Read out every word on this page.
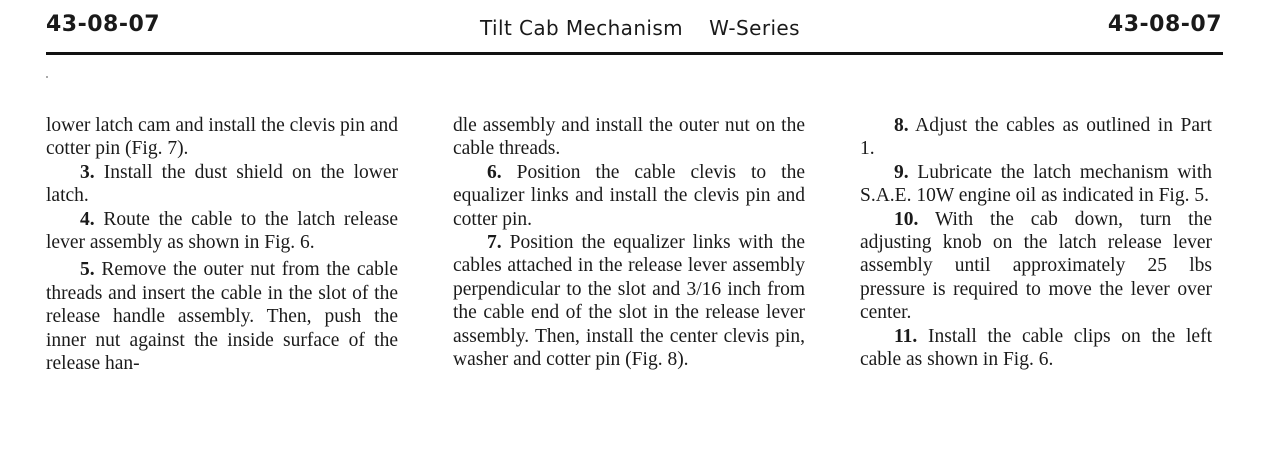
43-08-07	Tilt Cab Mechanism W-Series	43-08-07

lower latch cam and install the clevis pin and cotter pin (Fig. 7).

3. Install the dust shield on the lower latch.

4. Route the cable to the latch release lever assembly as shown in Fig. 6.

5. Remove the outer nut from the cable threads and insert the cable in the slot of the release handle assembly. Then, push the inner nut against the inside surface of the release han-

dle assembly and install the outer nut on the cable threads.

6. Position the cable clevis to the equalizer links and install the clevis pin and cotter pin.

7. Position the equalizer links with the cables attached in the release lever assembly perpendicular to the slot and 3/16 inch from the cable end of the slot in the release lever assembly. Then, install the center clevis pin, washer and cotter pin (Fig. 8).

8. Adjust the cables as outlined in Part 1.

9. Lubricate the latch mechanism with S.A.E. 10W engine oil as indicated in Fig. 5.

10. With the cab down, turn the adjusting knob on the latch release lever assembly until approximately 25 lbs pressure is required to move the lever over center.

11. Install the cable clips on the left cable as shown in Fig. 6.
